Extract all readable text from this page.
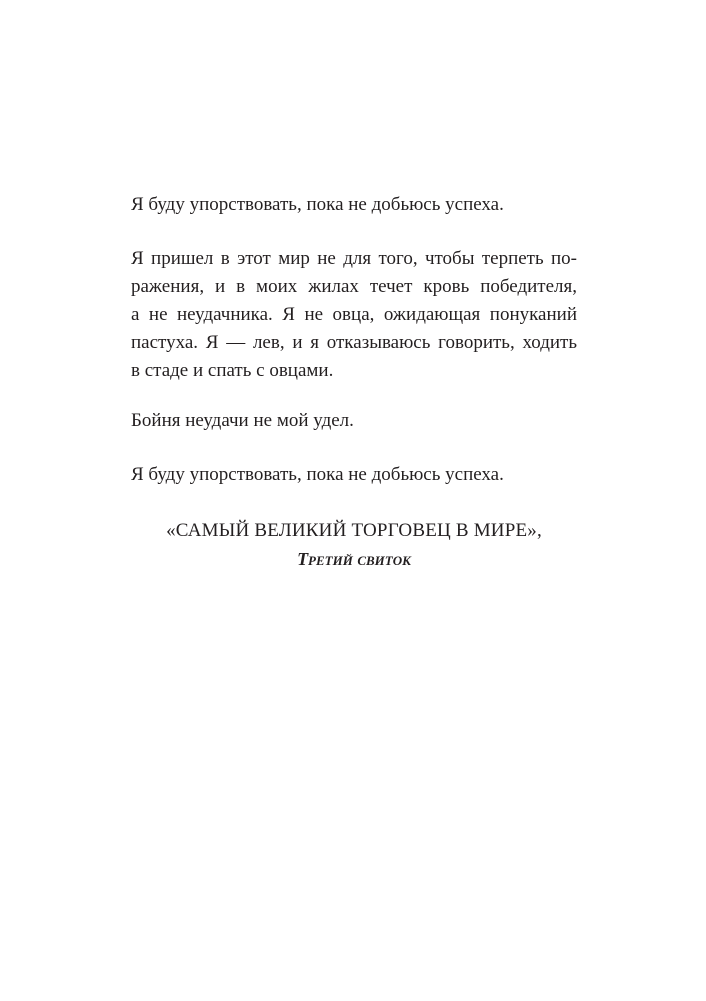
Я буду упорствовать, пока не добьюсь успеха.

Я пришел в этот мир не для того, чтобы терпеть по-
ражения, и в моих жилах течет кровь победителя,
а не неудачника. Я не овца, ожидающая понуканий
пастуха. Я — лев, и я отказываюсь говорить, ходить
в стаде и спать с овцами.

Бойня неудачи не мой удел.

Я буду упорствовать, пока не добьюсь успеха.

«САМЫЙ ВЕЛИКИЙ ТОРГОВЕЦ В МИРЕ»,
Третий свиток
